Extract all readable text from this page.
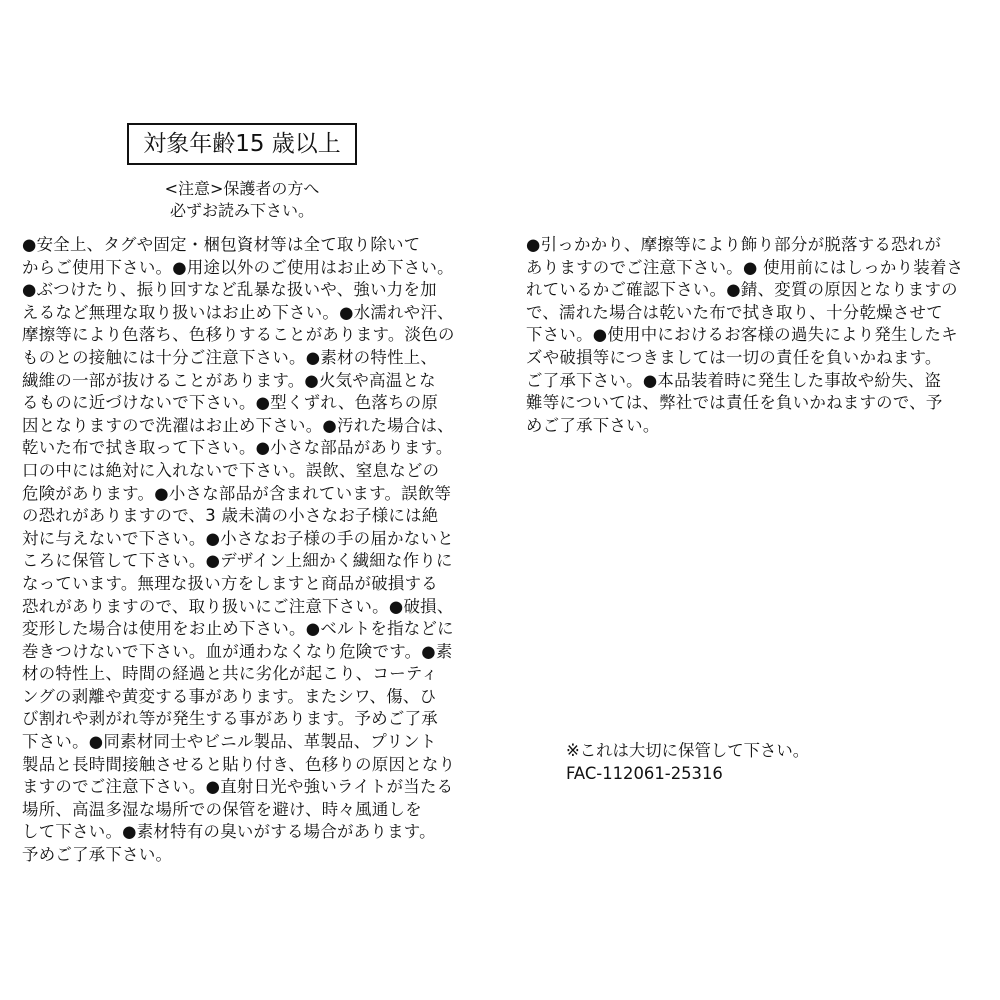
対象年齢15 歳以上
<注意>保護者の方へ
必ずお読み下さい。
●安全上、タグや固定・梱包資材等は全て取り除いて
からご使用下さい。●用途以外のご使用はお止め下さい。
●ぶつけたり、振り回すなど乱暴な扱いや、強い力を加
えるなど無理な取り扱いはお止め下さい。●水濡れや汗、
摩擦等により色落ち、色移りすることがあります。淡色の
ものとの接触には十分ご注意下さい。●素材の特性上、
繊維の一部が抜けることがあります。●火気や高温とな
るものに近づけないで下さい。●型くずれ、色落ちの原
因となりますので洗濯はお止め下さい。●汚れた場合は、
乾いた布で拭き取って下さい。●小さな部品があります。
口の中には絶対に入れないで下さい。誤飲、窒息などの
危険があります。●小さな部品が含まれています。誤飲等
の恐れがありますので、3 歳未満の小さなお子様には絶
対に与えないで下さい。●小さなお子様の手の届かないと
ころに保管して下さい。●デザイン上細かく繊細な作りに
なっています。無理な扱い方をしますと商品が破損する
恐れがありますので、取り扱いにご注意下さい。●破損、
変形した場合は使用をお止め下さい。●ベルトを指などに
巻きつけないで下さい。血が通わなくなり危険です。●素
材の特性上、時間の経過と共に劣化が起こり、コーティ
ングの剥離や黄変する事があります。またシワ、傷、ひ
び割れや剥がれ等が発生する事があります。予めご了承
下さい。●同素材同士やビニル製品、革製品、プリント
製品と長時間接触させると貼り付き、色移りの原因となり
ますのでご注意下さい。●直射日光や強いライトが当たる
場所、高温多湿な場所での保管を避け、時々風通しを
して下さい。●素材特有の臭いがする場合があります。
予めご了承下さい。
●引っかかり、摩擦等により飾り部分が脱落する恐れが
ありますのでご注意下さい。● 使用前にはしっかり装着さ
れているかご確認下さい。●錆、変質の原因となりますの
で、濡れた場合は乾いた布で拭き取り、十分乾燥させて
下さい。●使用中におけるお客様の過失により発生したキ
ズや破損等につきましては一切の責任を負いかねます。
ご了承下さい。●本品装着時に発生した事故や紛失、盗
難等については、弊社では責任を負いかねますので、予
めご了承下さい。
※これは大切に保管して下さい。
FAC-112061-25316
